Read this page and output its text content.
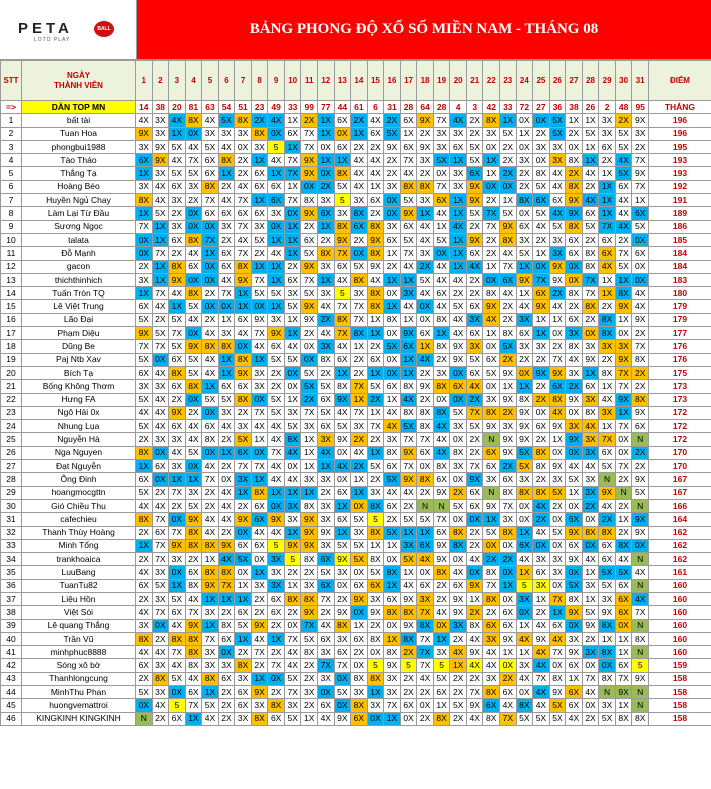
PETA	BALL
LOTO PLAY
BẢNG PHONG ĐỘ XỔ SỐ MIỀN NAM - THÁNG 08
STT	NGÀY
THÀNH VIÊN	1	2	3	4	5	6	7	8	9	10	11	12	13	14	15	16	17	18	19	20	21	22	23	24	25	26	27	28	29	30	31	ĐIỂM
=>	DÀN TOP MN	14	38	20	81	63	54	51	23	49	33	99	77	44	61	6	31	28	64	28	4	3	42	33	72	27	36	38	26	2	48	95	THẮNG
1	bất tài	4X	3X	4X	8X	4X	5X	8X	2X	4X	1X	2X	1X	6X	2X	4X	2X	6X	9X	7X	4X	2X	8X	1X	0X	0X	5X	1X	1X	3X	2X	9X	196
2	Tuan Hoa	9X	3X	1X	0X	3X	3X	3X	8X	0X	6X	7X	1X	0X	1X	6X	5X	1X	2X	3X	3X	2X	3X	5X	1X	2X	5X	2X	5X	3X	5X	3X	196
3	phongbui1988	3X	9X	5X	4X	5X	4X	0X	3X	5	1X	7X	0X	6X	2X	2X	9X	6X	9X	3X	6X	5X	0X	2X	0X	3X	3X	0X	1X	6X	5X	2X	195
4	Tào Tháo	6X	9X	4X	7X	6X	8X	2X	1X	4X	7X	9X	1X	1X	4X	4X	2X	7X	3X	5X	1X	5X	1X	2X	3X	0X	3X	8X	1X	2X	4X	7X	193
5	Thắng Tạ	1X	3X	5X	5X	6X	1X	2X	6X	1X	7X	9X	0X	8X	4X	4X	2X	4X	2X	0X	3X	6X	1X	2X	2X	8X	4X	2X	4X	1X	5X	9X	193
6	Hoàng Béo	3X	4X	6X	3X	8X	2X	4X	6X	6X	1X	0X	2X	5X	4X	1X	3X	8X	8X	7X	3X	9X	0X	0X	2X	5X	4X	8X	2X	1X	6X	7X	192
7	Huyền Ngủ Chay	8X	4X	3X	2X	7X	4X	7X	1X	6X	7X	8X	3X	5	3X	6X	0X	5X	3X	6X	1X	9X	2X	1X	8X	6X	6X	9X	4X	1X	4X	1X	191
8	Làm Lại Từ Đầu	1X	5X	2X	0X	6X	6X	6X	6X	3X	0X	9X	6X	3X	8X	2X	0X	9X	1X	4X	1X	5X	7X	5X	0X	5X	4X	9X	6X	1X	4X	6X	189
9	Sương Ngọc	7X	1X	3X	0X	0X	3X	7X	3X	0X	1X	2X	1X	8X	6X	8X	3X	6X	4X	1X	4X	2X	7X	9X	6X	4X	5X	8X	5X	7X	4X	5X	186
10	talata	0X	1X	6X	8X	7X	2X	4X	5X	1X	1X	6X	2X	9X	2X	9X	6X	5X	4X	5X	1X	9X	2X	8X	3X	2X	3X	6X	2X	6X	2X	0X	185
11	Đỗ Mạnh	0X	7X	2X	4X	1X	6X	7X	2X	4X	1X	5X	8X	7X	0X	8X	1X	7X	3X	0X	1X	6X	2X	4X	5X	1X	3X	6X	8X	6X	7X	6X	184
12	gacon	2X	1X	8X	6X	0X	6X	8X	1X	1X	2X	9X	3X	6X	5X	9X	2X	4X	2X	4X	1X	4X	1X	7X	1X	0X	9X	0X	8X	4X	5X	0X	184
13	thichthinhich	3X	1X	9X	0X	0X	4X	9X	7X	1X	6X	7X	1X	4X	8X	4X	1X	1X	5X	4X	4X	2X	0X	6X	9X	7X	9X	0X	7X	1X	1X	0X	183
14	Tuấn Tròn TQ	1X	7X	4X	8X	2X	7X	1X	5X	5X	3X	5X	3X	5	3X	8X	0X	3X	4X	6X	2X	2X	8X	4X	1X	6X	2X	8X	7X	1X	8X	4X	180
15	Lê Việt Trung	6X	4X	1X	5X	0X	0X	1X	0X	1X	5X	9X	4X	7X	7X	8X	1X	4X	0X	4X	5X	6X	9X	2X	4X	9X	4X	2X	8X	2X	9X	4X	179
16	Lão Đại	5X	2X	5X	4X	2X	1X	6X	9X	3X	1X	9X	2X	8X	7X	1X	8X	1X	0X	8X	4X	3X	4X	2X	3X	1X	1X	6X	2X	8X	1X	9X	179
17	Phạm Diệu	9X	5X	7X	0X	4X	3X	4X	7X	9X	1X	2X	4X	7X	8X	1X	0X	9X	6X	1X	4X	6X	1X	8X	6X	1X	0X	3X	0X	8X	0X	2X	177
18	Dũng Be	7X	7X	5X	9X	8X	8X	0X	4X	6X	4X	0X	3X	4X	1X	2X	5X	6X	1X	8X	9X	3X	0X	5X	3X	3X	2X	8X	3X	3X	3X	7X	176
19	Paj Ntb Xav	5X	0X	6X	5X	4X	1X	8X	1X	5X	5X	0X	8X	6X	2X	6X	0X	1X	4X	2X	9X	5X	6X	2X	2X	2X	7X	4X	9X	2X	9X	8X	176
20	Bích Tạ	6X	4X	8X	5X	4X	1X	9X	3X	2X	0X	5X	2X	1X	2X	1X	0X	1X	2X	3X	0X	6X	5X	9X	0X	9X	9X	3X	1X	8X	7X	2X	175
21	Bống Không Thơm	3X	3X	6X	8X	1X	6X	6X	3X	2X	0X	5X	5X	8X	7X	5X	6X	8X	9X	8X	6X	4X	0X	1X	1X	2X	6X	2X	6X	1X	7X	2X	173
22	Hưng FA	5X	4X	2X	0X	5X	5X	8X	0X	5X	1X	2X	6X	9X	1X	2X	1X	4X	2X	0X	0X	2X	3X	9X	8X	2X	8X	9X	3X	4X	9X	8X	173
23	Ngô Hải 0x	4X	4X	9X	2X	0X	3X	2X	7X	5X	3X	7X	5X	4X	7X	1X	4X	8X	8X	8X	5X	7X	8X	2X	9X	0X	4X	0X	8X	3X	1X	9X	172
24	Nhung Lụa	5X	4X	6X	4X	6X	4X	3X	4X	4X	5X	3X	6X	5X	3X	7X	4X	5X	8X	4X	3X	5X	9X	3X	9X	6X	9X	3X	4X	1X	7X	6X	172
25	Nguyễn Hà	2X	3X	3X	4X	8X	2X	5X	1X	4X	8X	1X	3X	9X	2X	2X	3X	7X	7X	4X	0X	2X	N	9X	9X	2X	1X	9X	3X	7X	0X	N	172
26	Nga Nguyen	8X	0X	4X	5X	0X	1X	6X	0X	7X	4X	1X	4X	0X	4X	1X	8X	9X	6X	4X	8X	2X	6X	9X	5X	8X	0X	0X	3X	6X	0X	2X	170
27	Đạt Nguyễn	1X	6X	3X	0X	4X	2X	7X	7X	4X	0X	1X	1X	4X	2X	5X	6X	7X	0X	8X	3X	7X	6X	2X	5X	8X	9X	4X	4X	5X	7X	2X	170
28	Ông Đinh	6X	0X	1X	1X	7X	0X	3X	1X	4X	4X	3X	3X	0X	1X	2X	5X	9X	8X	6X	0X	9X	3X	6X	3X	2X	3X	5X	3X	N	2X	9X	167
29	hoangmocgttn	5X	2X	7X	3X	2X	4X	1X	8X	1X	1X	1X	2X	6X	1X	3X	4X	4X	2X	9X	2X	6X	N	8X	8X	8X	5X	1X	3X	9X	N	5X	167
30	Gió Chiều Thu	4X	4X	2X	5X	2X	4X	2X	6X	0X	3X	8X	3X	1X	0X	8X	6X	2X	N	N	5X	6X	9X	7X	0X	4X	2X	0X	2X	4X	2X	N	166
31	cafechieu	8X	7X	0X	9X	4X	4X	9X	6X	9X	3X	9X	3X	6X	5X	5	2X	5X	5X	7X	0X	0X	1X	3X	0X	2X	0X	6X	0X	2X	1X	9X	164
32	Thanh Thùy Hoàng	2X	6X	7X	8X	4X	2X	0X	4X	4X	1X	9X	9X	1X	3X	8X	5X	1X	1X	6X	8X	2X	5X	8X	1X	4X	5X	9X	8X	8X	2X	9X	162
33	Minh Tổng	1X	7X	9X	8X	8X	9X	6X	6X	5	9X	9X	3X	5X	5X	1X	1X	3X	6X	9X	8X	2X	0X	0X	6X	0X	0X	6X	0X	6X	8X	0X	162
34	trankhoaica	2X	7X	3X	2X	1X	4X	5X	0X	3X	5	8X	6X	9X	5X	8X	0X	5X	4X	9X	0X	4X	2X	2X	4X	3X	3X	9X	4X	6X	4X	N	162
35	LuuBang	4X	3X	0X	6X	8X	8X	0X	1X	3X	2X	2X	5X	3X	0X	5X	8X	1X	0X	8X	4X	0X	8X	0X	1X	6X	3X	0X	1X	5X	5X	4X	161
36	TuanTu82	6X	5X	1X	8X	9X	7X	1X	3X	3X	1X	3X	6X	0X	6X	6X	1X	4X	6X	2X	6X	9X	7X	1X	5	3X	0X	5X	3X	5X	6X	N	160
37	Liệu Hồn	2X	3X	5X	4X	1X	1X	1X	2X	6X	8X	8X	7X	2X	9X	3X	6X	9X	3X	2X	9X	1X	8X	0X	3X	1X	7X	8X	1X	3X	6X	4X	160
38	Việt Sói	4X	7X	6X	7X	3X	2X	6X	2X	6X	2X	9X	2X	9X	0X	9X	8X	8X	7X	4X	9X	2X	2X	6X	0X	2X	1X	9X	5X	9X	6X	7X	160
39	Lê quang Thắng	3X	0X	4X	9X	1X	8X	5X	9X	2X	0X	7X	4X	8X	1X	2X	0X	9X	8X	0X	3X	8X	6X	6X	1X	4X	6X	0X	9X	8X	0X	N	160
40	Trần Vũ	8X	2X	8X	8X	7X	6X	1X	4X	1X	7X	5X	6X	3X	6X	8X	1X	8X	7X	1X	2X	4X	3X	9X	4X	9X	4X	3X	2X	1X	1X	8X	160
41	minhphuc8888	4X	4X	7X	8X	3X	0X	2X	7X	2X	4X	8X	3X	6X	2X	0X	8X	2X	7X	3X	4X	9X	4X	1X	1X	4X	7X	9X	3X	8X	1X	N	160
42	Sóng xô bờ	6X	3X	4X	8X	3X	3X	8X	2X	7X	4X	2X	7X	7X	0X	5	9X	5	7X	5	1X	4X	4X	0X	3X	4X	0X	6X	0X	0X	6X	5	159
43	Thanhlongcung	2X	8X	5X	4X	8X	6X	3X	1X	0X	5X	2X	3X	0X	8X	8X	3X	2X	4X	5X	2X	2X	3X	2X	4X	7X	8X	1X	7X	8X	7X	9X	158
44	MinhThu Phan	5X	3X	0X	6X	1X	2X	6X	9X	2X	7X	3X	0X	5X	3X	1X	3X	2X	2X	6X	2X	7X	8X	6X	0X	4X	9X	6X	4X	N	9X	N	158
45	huongvemattroi	0X	4X	5	7X	5X	2X	6X	3X	8X	3X	2X	6X	0X	8X	3X	7X	6X	0X	1X	5X	9X	6X	4X	8X	4X	5X	6X	0X	3X	1X	N	158
46	KINGKINH KINGKINH	N	2X	6X	1X	4X	2X	3X	8X	6X	5X	1X	4X	9X	6X	0X	1X	0X	2X	8X	2X	4X	8X	7X	5X	5X	5X	4X	2X	5X	8X	8X	158
